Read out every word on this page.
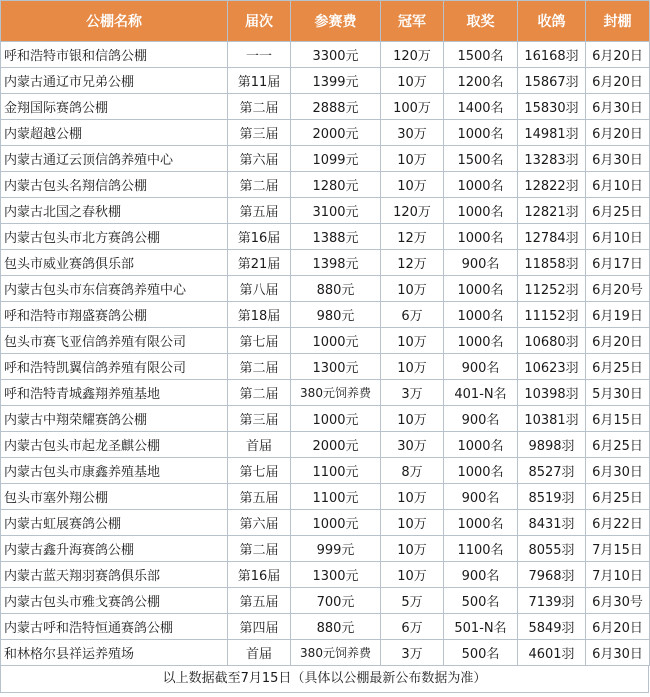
公棚名称	届次	参赛费	冠军	取奖	收鸽	封棚
呼和浩特市银和信鸽公棚	一一	3300元	120万	1500名	16168羽	6月20日
内蒙古通辽市兄弟公棚	第11届	1399元	10万	1200名	15867羽	6月20日
金翔国际赛鸽公棚	第二届	2888元	100万	1400名	15830羽	6月30日
内蒙超越公棚	第三届	2000元	30万	1000名	14981羽	6月20日
内蒙古通辽云顶信鸽养殖中心	第六届	1099元	10万	1500名	13283羽	6月30日
内蒙古包头名翔信鸽公棚	第二届	1280元	10万	1000名	12822羽	6月10日
内蒙古北国之春秋棚	第五届	3100元	120万	1000名	12821羽	6月25日
内蒙古包头市北方赛鸽公棚	第16届	1388元	12万	1000名	12784羽	6月10日
包头市威业赛鸽俱乐部	第21届	1398元	12万	900名	11858羽	6月17日
内蒙古包头市东信赛鸽养殖中心	第八届	880元	10万	1000名	11252羽	6月20号
呼和浩特市翔盛赛鸽公棚	第18届	980元	6万	1000名	11152羽	6月19日
包头市赛飞亚信鸽养殖有限公司	第七届	1000元	10万	1000名	10680羽	6月20日
呼和浩特凯翼信鸽养殖有限公司	第二届	1300元	10万	900名	10623羽	6月25日
呼和浩特青城鑫翔养殖基地	第二届	380元饲养费	3万	401-N名	10398羽	5月30日
内蒙古中翔荣耀赛鸽公棚	第三届	1000元	10万	900名	10381羽	6月15日
内蒙古包头市起龙圣麒公棚	首届	2000元	30万	1000名	9898羽	6月25日
内蒙古包头市康鑫养殖基地	第七届	1100元	8万	1000名	8527羽	6月30日
包头市塞外翔公棚	第五届	1100元	10万	900名	8519羽	6月25日
内蒙古虹展赛鸽公棚	第六届	1000元	10万	1000名	8431羽	6月22日
内蒙古鑫升海赛鸽公棚	第二届	999元	10万	1100名	8055羽	7月15日
内蒙古蓝天翔羽赛鸽俱乐部	第16届	1300元	10万	900名	7968羽	7月10日
内蒙古包头市雅戈赛鸽公棚	第五届	700元	5万	500名	7139羽	6月30号
内蒙古呼和浩特恒通赛鸽公棚	第四届	880元	6万	501-N名	5849羽	6月20日
和林格尔县祥运养殖场	首届	380元饲养费	3万	500名	4601羽	6月30日
以上数据截至7月15日（具体以公棚最新公布数据为准）
